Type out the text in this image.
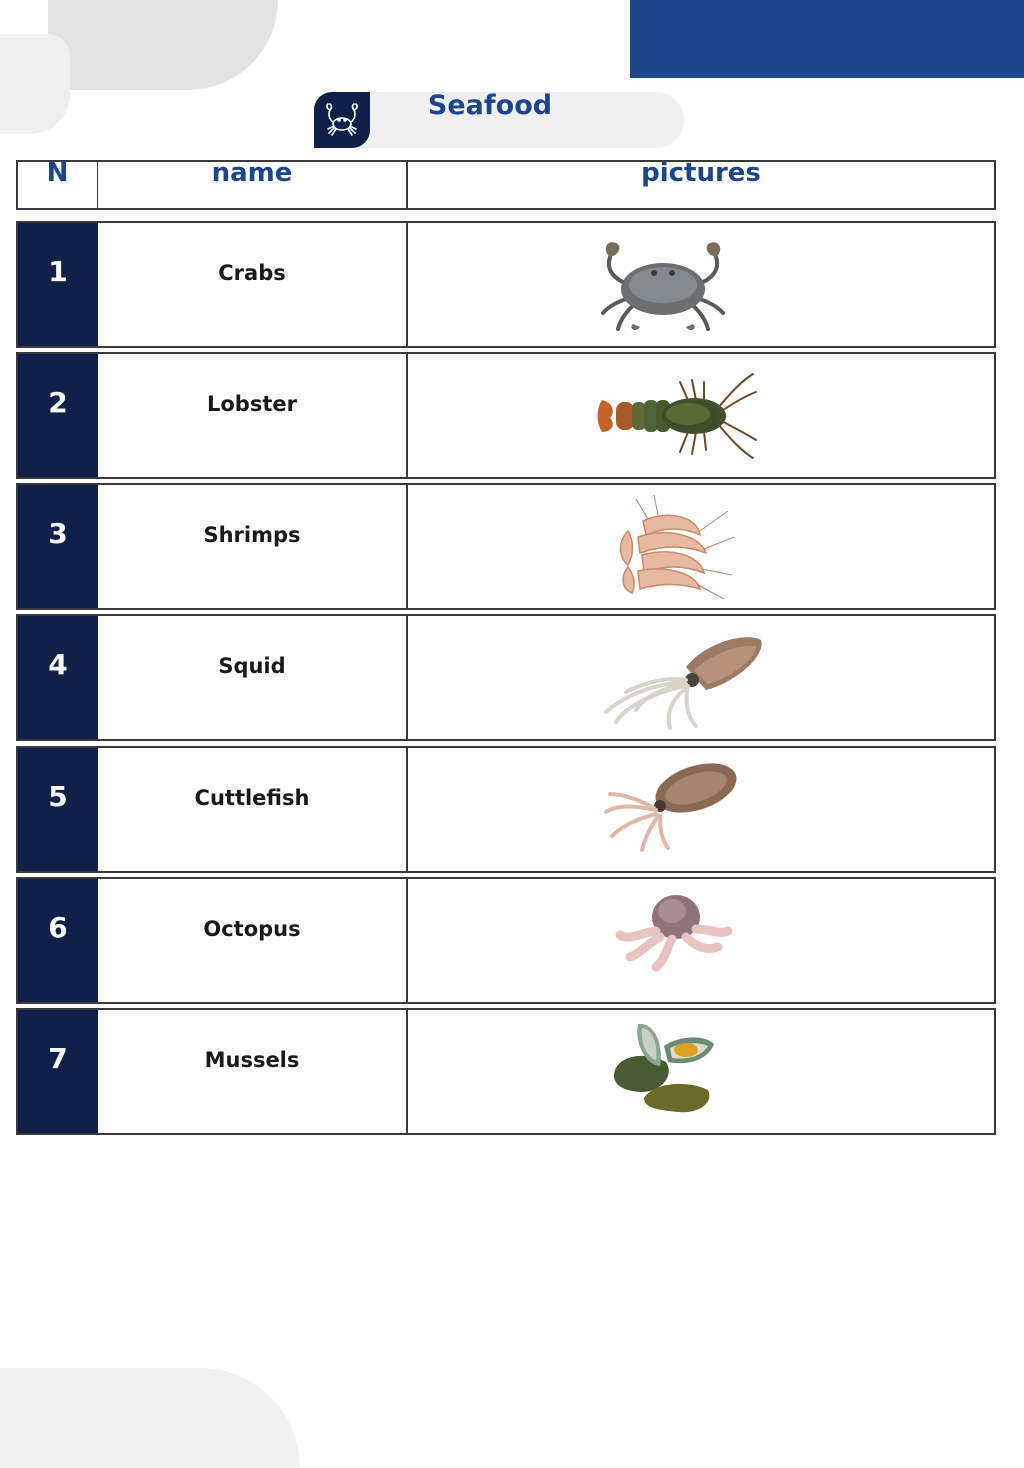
Seafood
N	name	pictures
1	Crabs
2	Lobster
3	Shrimps
4	Squid
5	Cuttlefish
6	Octopus
7	Mussels
